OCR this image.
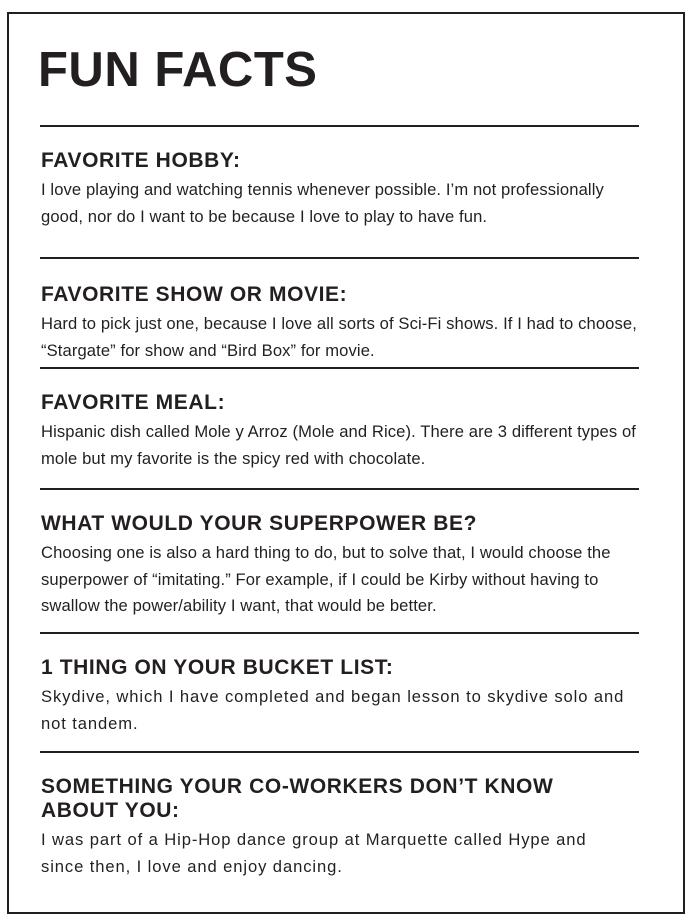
FUN FACTS
FAVORITE HOBBY:

I love playing and watching tennis whenever possible. I’m not professionally good, nor do I want to be because I love to play to have fun.

FAVORITE SHOW OR MOVIE:

Hard to pick just one, because I love all sorts of Sci-Fi shows. If I had to choose, “Stargate” for show and “Bird Box” for movie.

FAVORITE MEAL:

Hispanic dish called Mole y Arroz (Mole and Rice). There are 3 different types of mole but my favorite is the spicy red with chocolate.

WHAT WOULD YOUR SUPERPOWER BE?

Choosing one is also a hard thing to do, but to solve that, I would choose the superpower of “imitating.” For example, if I could be Kirby without having to swallow the power/ability I want, that would be better.

1 THING ON YOUR BUCKET LIST:

Skydive, which I have completed and began lesson to skydive solo and not tandem.

SOMETHING YOUR CO-WORKERS DON’T KNOW ABOUT YOU:

I was part of a Hip-Hop dance group at Marquette called Hype and since then, I love and enjoy dancing.
